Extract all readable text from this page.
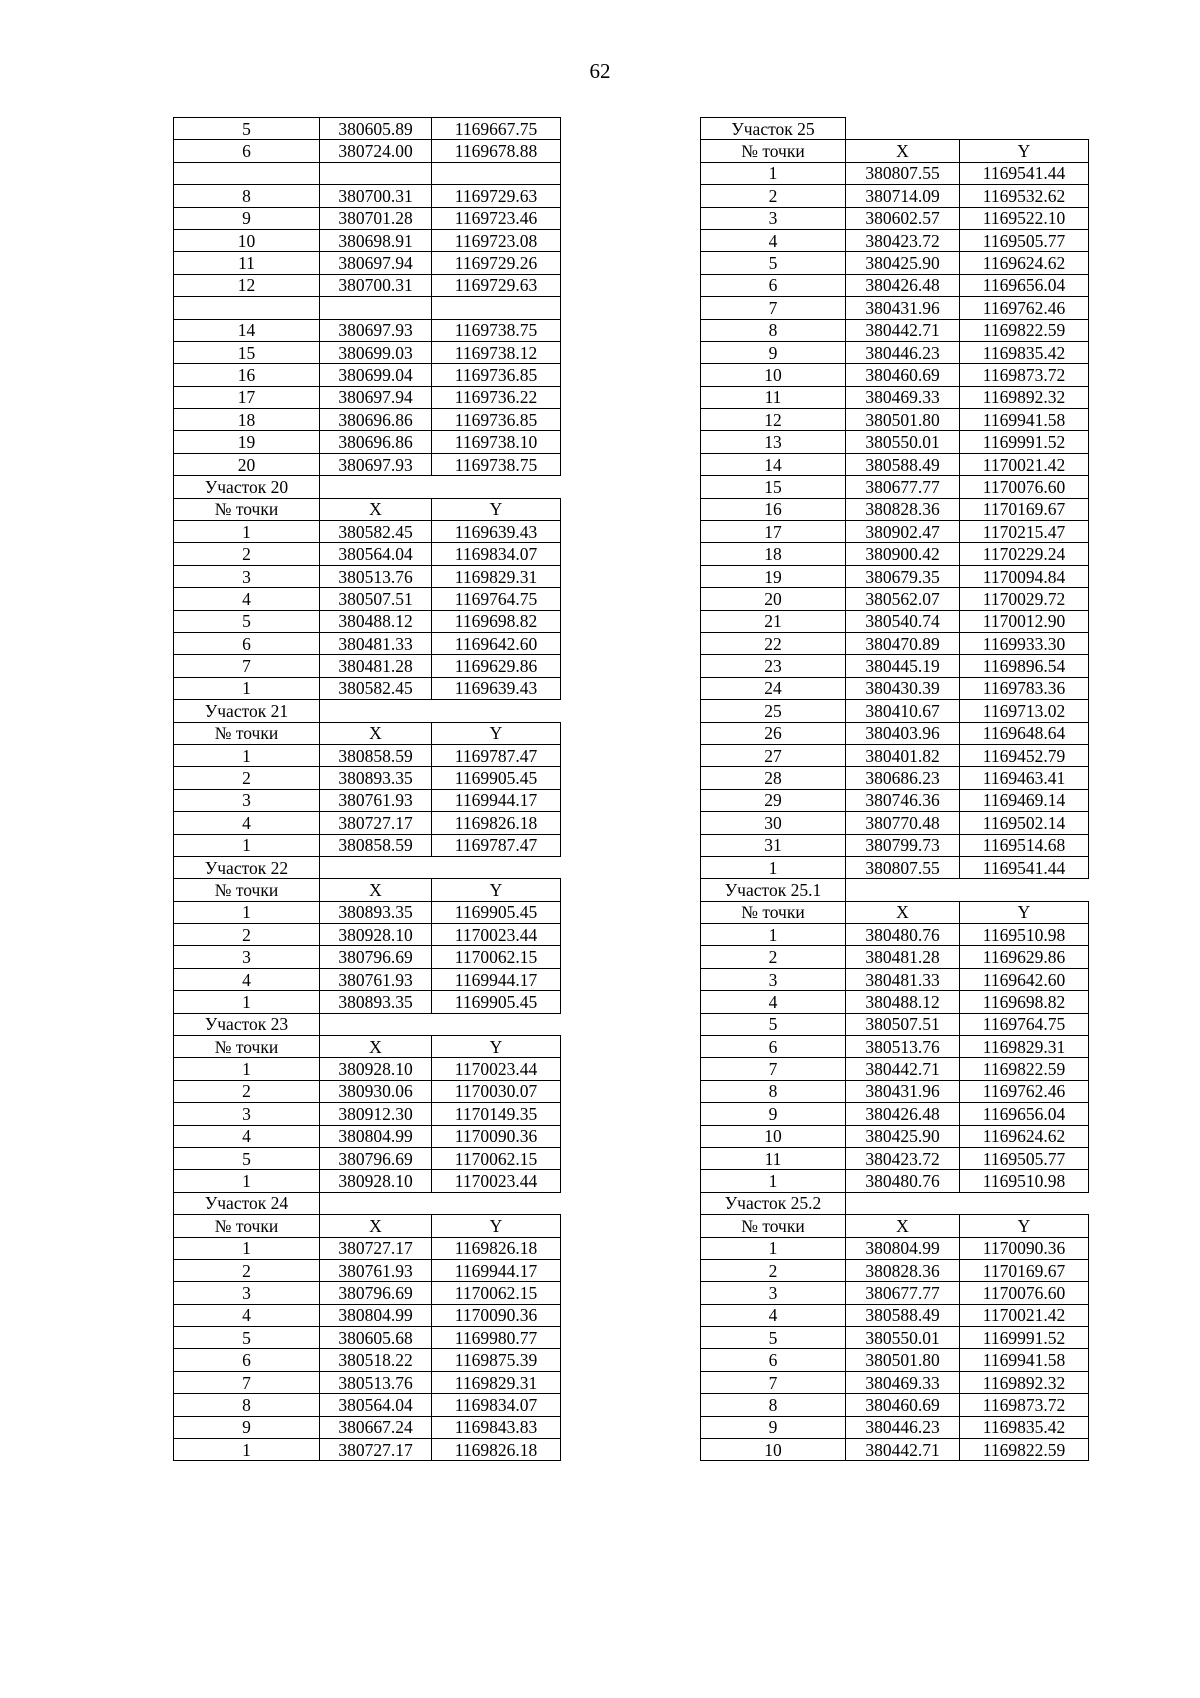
62
5	380605.89	1169667.75
6	380724.00	1169678.88

8	380700.31	1169729.63
9	380701.28	1169723.46
10	380698.91	1169723.08
11	380697.94	1169729.26
12	380700.31	1169729.63

14	380697.93	1169738.75
15	380699.03	1169738.12
16	380699.04	1169736.85
17	380697.94	1169736.22
18	380696.86	1169736.85
19	380696.86	1169738.10
20	380697.93	1169738.75
Участок 20		
№ точки	X	Y
1	380582.45	1169639.43
2	380564.04	1169834.07
3	380513.76	1169829.31
4	380507.51	1169764.75
5	380488.12	1169698.82
6	380481.33	1169642.60
7	380481.28	1169629.86
1	380582.45	1169639.43
Участок 21		
№ точки	X	Y
1	380858.59	1169787.47
2	380893.35	1169905.45
3	380761.93	1169944.17
4	380727.17	1169826.18
1	380858.59	1169787.47
Участок 22		
№ точки	X	Y
1	380893.35	1169905.45
2	380928.10	1170023.44
3	380796.69	1170062.15
4	380761.93	1169944.17
1	380893.35	1169905.45
Участок 23		
№ точки	X	Y
1	380928.10	1170023.44
2	380930.06	1170030.07
3	380912.30	1170149.35
4	380804.99	1170090.36
5	380796.69	1170062.15
1	380928.10	1170023.44
Участок 24		
№ точки	X	Y
1	380727.17	1169826.18
2	380761.93	1169944.17
3	380796.69	1170062.15
4	380804.99	1170090.36
5	380605.68	1169980.77
6	380518.22	1169875.39
7	380513.76	1169829.31
8	380564.04	1169834.07
9	380667.24	1169843.83
1	380727.17	1169826.18
Участок 25		
№ точки	X	Y
1	380807.55	1169541.44
2	380714.09	1169532.62
3	380602.57	1169522.10
4	380423.72	1169505.77
5	380425.90	1169624.62
6	380426.48	1169656.04
7	380431.96	1169762.46
8	380442.71	1169822.59
9	380446.23	1169835.42
10	380460.69	1169873.72
11	380469.33	1169892.32
12	380501.80	1169941.58
13	380550.01	1169991.52
14	380588.49	1170021.42
15	380677.77	1170076.60
16	380828.36	1170169.67
17	380902.47	1170215.47
18	380900.42	1170229.24
19	380679.35	1170094.84
20	380562.07	1170029.72
21	380540.74	1170012.90
22	380470.89	1169933.30
23	380445.19	1169896.54
24	380430.39	1169783.36
25	380410.67	1169713.02
26	380403.96	1169648.64
27	380401.82	1169452.79
28	380686.23	1169463.41
29	380746.36	1169469.14
30	380770.48	1169502.14
31	380799.73	1169514.68
1	380807.55	1169541.44
Участок 25.1		
№ точки	X	Y
1	380480.76	1169510.98
2	380481.28	1169629.86
3	380481.33	1169642.60
4	380488.12	1169698.82
5	380507.51	1169764.75
6	380513.76	1169829.31
7	380442.71	1169822.59
8	380431.96	1169762.46
9	380426.48	1169656.04
10	380425.90	1169624.62
11	380423.72	1169505.77
1	380480.76	1169510.98
Участок 25.2		
№ точки	X	Y
1	380804.99	1170090.36
2	380828.36	1170169.67
3	380677.77	1170076.60
4	380588.49	1170021.42
5	380550.01	1169991.52
6	380501.80	1169941.58
7	380469.33	1169892.32
8	380460.69	1169873.72
9	380446.23	1169835.42
10	380442.71	1169822.59
